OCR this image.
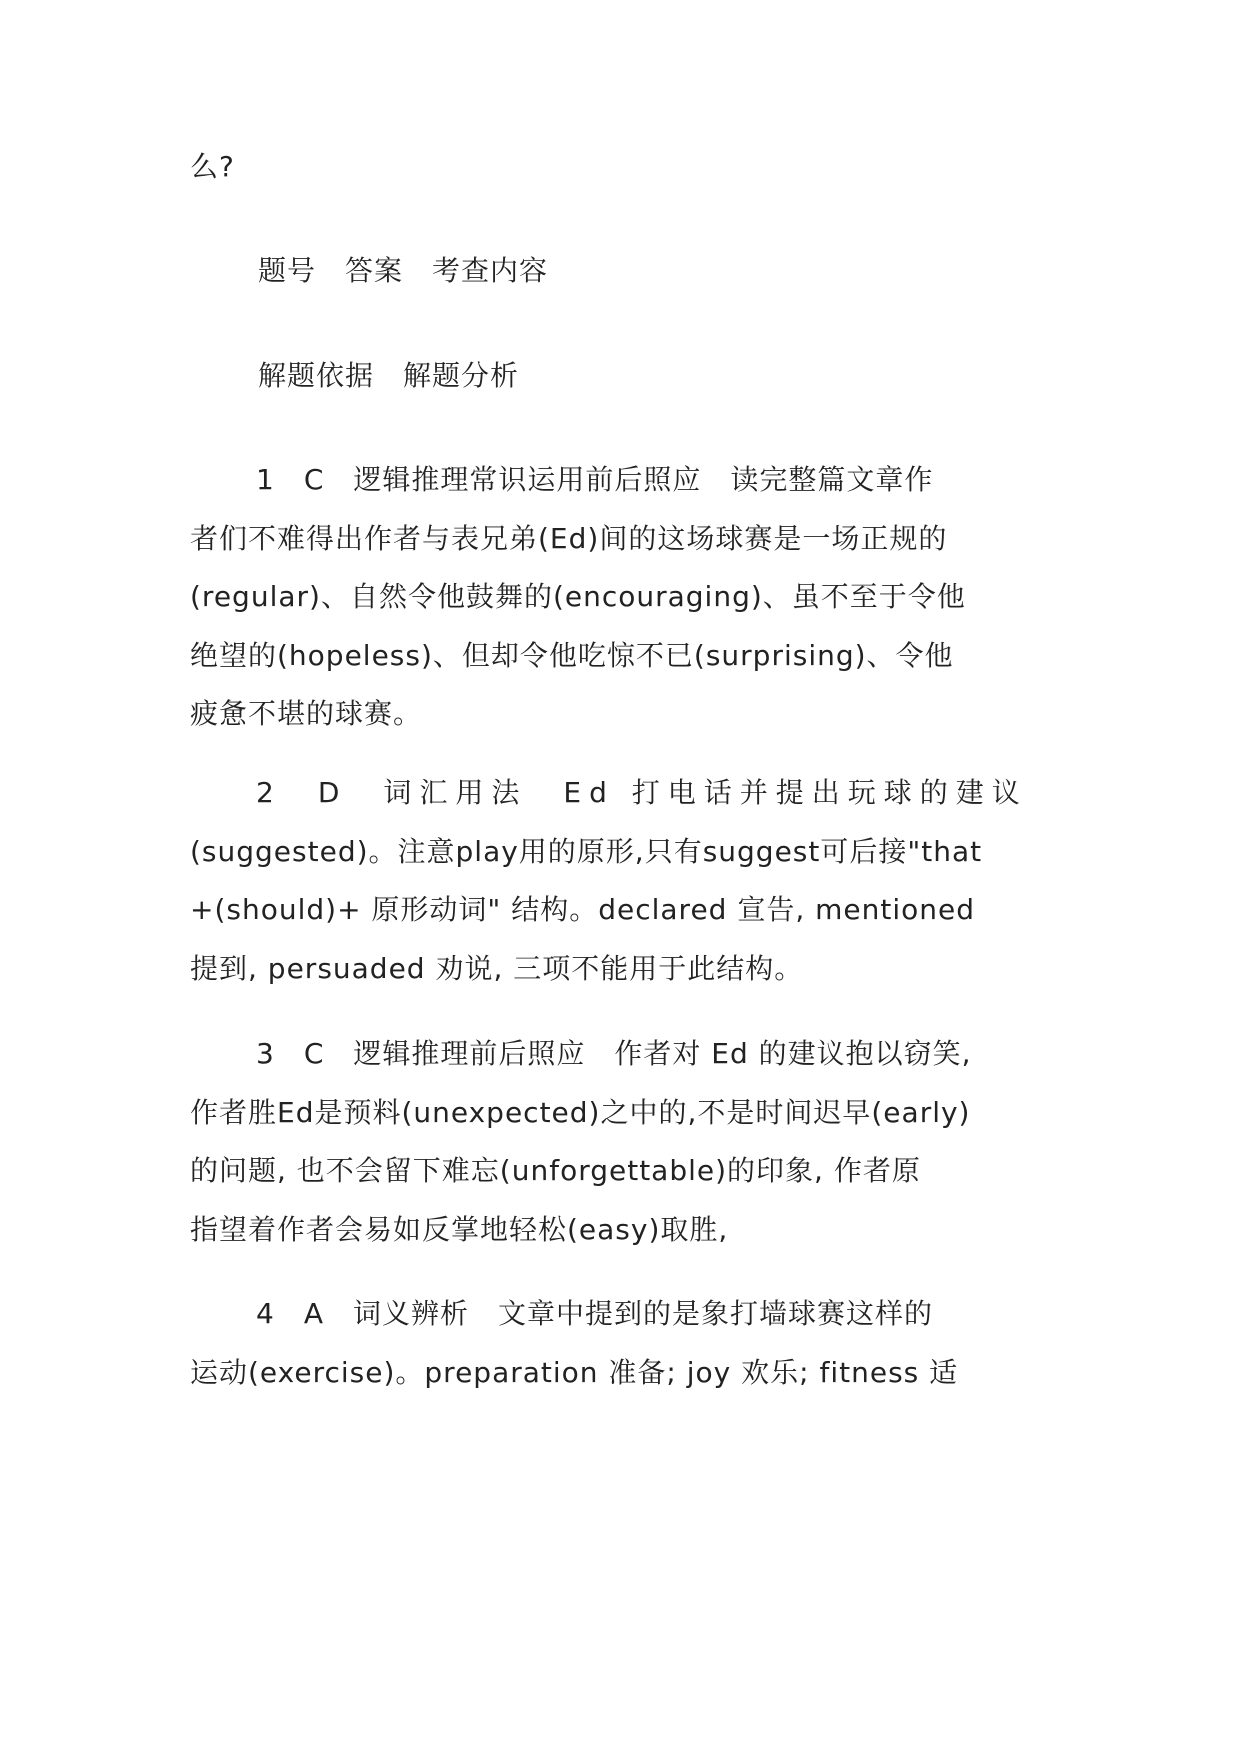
么?

题号　答案　考查内容

解题依据　解题分析

1　C　逻辑推理常识运用前后照应　读完整篇文章作
者们不难得出作者与表兄弟(Ed)间的这场球赛是一场正规的
(regular)、自然令他鼓舞的(encouraging)、虽不至于令他
绝望的(hopeless)、但却令他吃惊不已(surprising)、令他
疲惫不堪的球赛。
2　D　词汇用法　Ed 打电话并提出玩球的建议
(suggested)。注意play用的原形,只有suggest可后接"that
+(should)+ 原形动词" 结构。declared 宣告, mentioned
提到, persuaded 劝说, 三项不能用于此结构。
3　C　逻辑推理前后照应　作者对 Ed 的建议抱以窃笑,
作者胜Ed是预料(unexpected)之中的,不是时间迟早(early)
的问题, 也不会留下难忘(unforgettable)的印象, 作者原
指望着作者会易如反掌地轻松(easy)取胜,
4　A　词义辨析　文章中提到的是象打墙球赛这样的
运动(exercise)。preparation 准备; joy 欢乐; fitness 适
